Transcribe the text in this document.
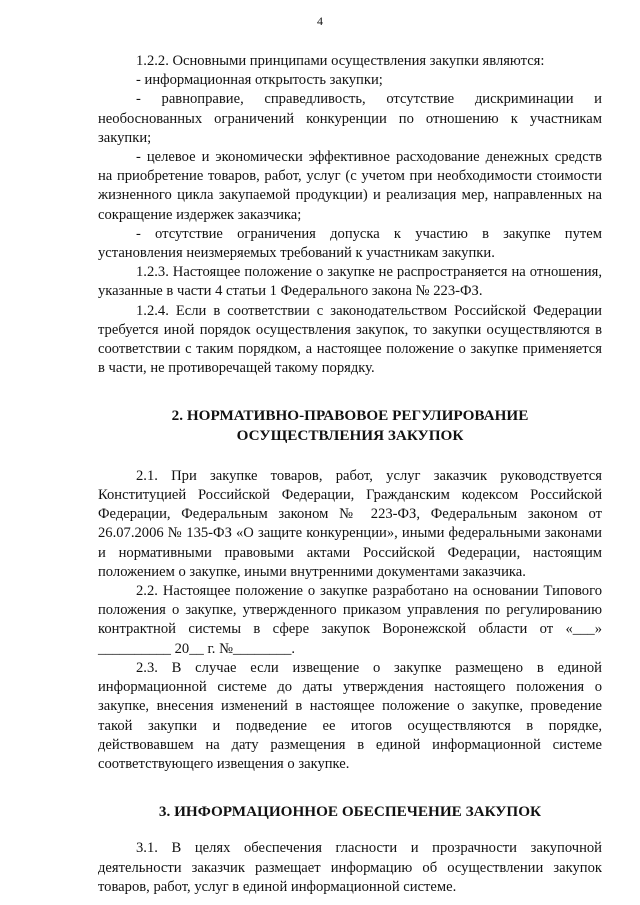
4

1.2.2. Основными принципами осуществления закупки являются:

- информационная открытость закупки;

- равноправие, справедливость, отсутствие дискриминации и необоснованных ограничений конкуренции по отношению к участникам закупки;

- целевое и экономически эффективное расходование денежных средств на приобретение товаров, работ, услуг (с учетом при необходимости стоимости жизненного цикла закупаемой продукции) и реализация мер, направленных на сокращение издержек заказчика;

- отсутствие ограничения допуска к участию в закупке путем установления неизмеряемых требований к участникам закупки.

1.2.3. Настоящее положение о закупке не распространяется на отношения, указанные в части 4 статьи 1 Федерального закона № 223-ФЗ.

1.2.4. Если в соответствии с законодательством Российской Федерации требуется иной порядок осуществления закупок, то закупки осуществляются в соответствии с таким порядком, а настоящее положение о закупке применяется в части, не противоречащей такому порядку.

2. НОРМАТИВНО-ПРАВОВОЕ РЕГУЛИРОВАНИЕ
ОСУЩЕСТВЛЕНИЯ ЗАКУПОК

2.1. При закупке товаров, работ, услуг заказчик руководствуется Конституцией Российской Федерации, Гражданским кодексом Российской Федерации, Федеральным законом № 223-ФЗ, Федеральным законом от 26.07.2006 № 135-ФЗ «О защите конкуренции», иными федеральными законами и нормативными правовыми актами Российской Федерации, настоящим положением о закупке, иными внутренними документами заказчика.

2.2. Настоящее положение о закупке разработано на основании Типового положения о закупке, утвержденного приказом управления по регулированию контрактной системы в сфере закупок Воронежской области от «___» __________ 20__ г. №________.

2.3. В случае если извещение о закупке размещено в единой информационной системе до даты утверждения настоящего положения о закупке, внесения изменений в настоящее положение о закупке, проведение такой закупки и подведение ее итогов осуществляются в порядке, действовавшем на дату размещения в единой информационной системе соответствующего извещения о закупке.

3. ИНФОРМАЦИОННОЕ ОБЕСПЕЧЕНИЕ ЗАКУПОК

3.1. В целях обеспечения гласности и прозрачности закупочной деятельности заказчик размещает информацию об осуществлении закупок товаров, работ, услуг в единой информационной системе.
